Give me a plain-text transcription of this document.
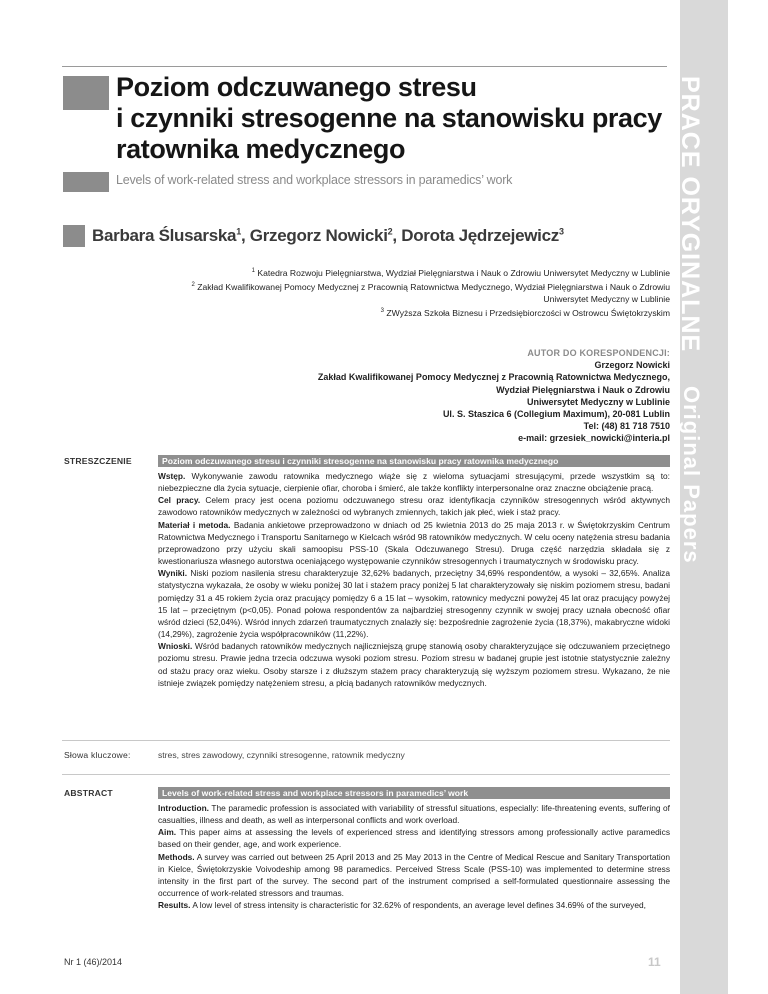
Poziom odczuwanego stresu
i czynniki stresogenne na stanowisku pracy
ratownika medycznego

Levels of work-related stress and workplace stressors in paramedics’ work

Barbara Ślusarska$^1$, Grzegorz Nowicki$^2$, Dorota Jędrzejewicz$^3$

$^1$ Katedra Rozwoju Pielęgniarstwa, Wydział Pielęgniarstwa i Nauk o Zdrowiu Uniwersytet Medyczny w Lublinie
$^2$ Zakład Kwalifikowanej Pomocy Medycznej z Pracownią Ratownictwa Medycznego, Wydział Pielęgniarstwa i Nauk o Zdrowiu
Uniwersytet Medyczny w Lublinie
$^3$ ZWyższa Szkoła Biznesu i Przedsiębiorczości w Ostrowcu Świętokrzyskim
AUTOR DO KORESPONDENCJI:
Grzegorz Nowicki
Zakład Kwalifikowanej Pomocy Medycznej z Pracownią Ratownictwa Medycznego,
Wydział Pielęgniarstwa i Nauk o Zdrowiu
Uniwersytet Medyczny w Lublinie
Ul. S. Staszica 6 (Collegium Maximum), 20-081 Lublin
Tel: (48) 81 718 7510
e-mail: grzesiek_nowicki@interia.pl
STRESZCZENIE	Poziom odczuwanego stresu i czynniki stresogenne na stanowisku pracy ratownika medycznego

Wstęp. Wykonywanie zawodu ratownika medycznego wiąże się z wieloma sytuacjami stresującymi, przede wszystkim są to: niebezpieczne dla życia sytuacje, cierpienie ofiar, choroba i śmierć, ale także konflikty interpersonalne oraz znaczne obciążenie pracą.

Cel pracy. Celem pracy jest ocena poziomu odczuwanego stresu oraz identyfikacja czynników stresogennych wśród aktywnych zawodowo ratowników medycznych w zależności od wybranych zmiennych, takich jak płeć, wiek i staż pracy.

Materiał i metoda. Badania ankietowe przeprowadzono w dniach od 25 kwietnia 2013 do 25 maja 2013 r. w Świętokrzyskim Centrum Ratownictwa Medycznego i Transportu Sanitarnego w Kielcach wśród 98 ratowników medycznych. W celu oceny natężenia stresu badania przeprowadzono przy użyciu skali samoopisu PSS-10 (Skala Odczuwanego Stresu). Druga część narzędzia składała się z kwestionariusza własnego autorstwa oceniającego występowanie czynników stresogennych i traumatycznych w środowisku pracy.

Wyniki. Niski poziom nasilenia stresu charakteryzuje 32,62% badanych, przeciętny 34,69% respondentów, a wysoki – 32,65%. Analiza statystyczna wykazała, że osoby w wieku poniżej 30 lat i stażem pracy poniżej 5 lat charakteryzowały się niskim poziomem stresu, badani pomiędzy 31 a 45 rokiem życia oraz pracujący pomiędzy 6 a 15 lat – wysokim, ratownicy medyczni powyżej 45 lat oraz pracujący powyżej 15 lat – przeciętnym (p<0,05). Ponad połowa respondentów za najbardziej stresogenny czynnik w swojej pracy uznała obecność ofiar wśród dzieci (52,04%). Wśród innych zdarzeń traumatycznych znalazły się: bezpośrednie zagrożenie życia (18,37%), makabryczne widoki (14,29%), zagrożenie życia współpracowników (11,22%).

Wnioski. Wśród badanych ratowników medycznych najliczniejszą grupę stanowią osoby charakteryzujące się odczuwaniem przeciętnego poziomu stresu. Prawie jedna trzecia odczuwa wysoki poziom stresu. Poziom stresu w badanej grupie jest istotnie statystycznie zależny od stażu pracy oraz wieku. Osoby starsze i z dłuższym stażem pracy charakteryzują się wyższym poziomem stresu. Wykazano, że nie istnieje związek pomiędzy natężeniem stresu, a płcią badanych ratowników medycznych.

Słowa kluczowe:	stres, stres zawodowy, czynniki stresogenne, ratownik medyczny
ABSTRACT	Levels of work-related stress and workplace stressors in paramedics’ work

Introduction. The paramedic profession is associated with variability of stressful situations, especially: life-threatening events, suffering of casualties, illness and death, as well as interpersonal conflicts and work overload.

Aim. This paper aims at assessing the levels of experienced stress and identifying stressors among professionally active paramedics based on their gender, age, and work experience.

Methods. A survey was carried out between 25 April 2013 and 25 May 2013 in the Centre of Medical Rescue and Sanitary Transportation in Kielce, Świętokrzyskie Voivodeship among 98 paramedics. Perceived Stress Scale (PSS-10) was implemented to determine stress intensity in the first part of the survey. The second part of the instrument comprised a self-formulated questionnaire assessing the occurrence of work-related stressors and traumas.

Results. A low level of stress intensity is characteristic for 32.62% of respondents, an average level defines 34.69% of the surveyed,

Nr 1 (46)/2014	11
PRACE ORYGINALNE
Original Papers
